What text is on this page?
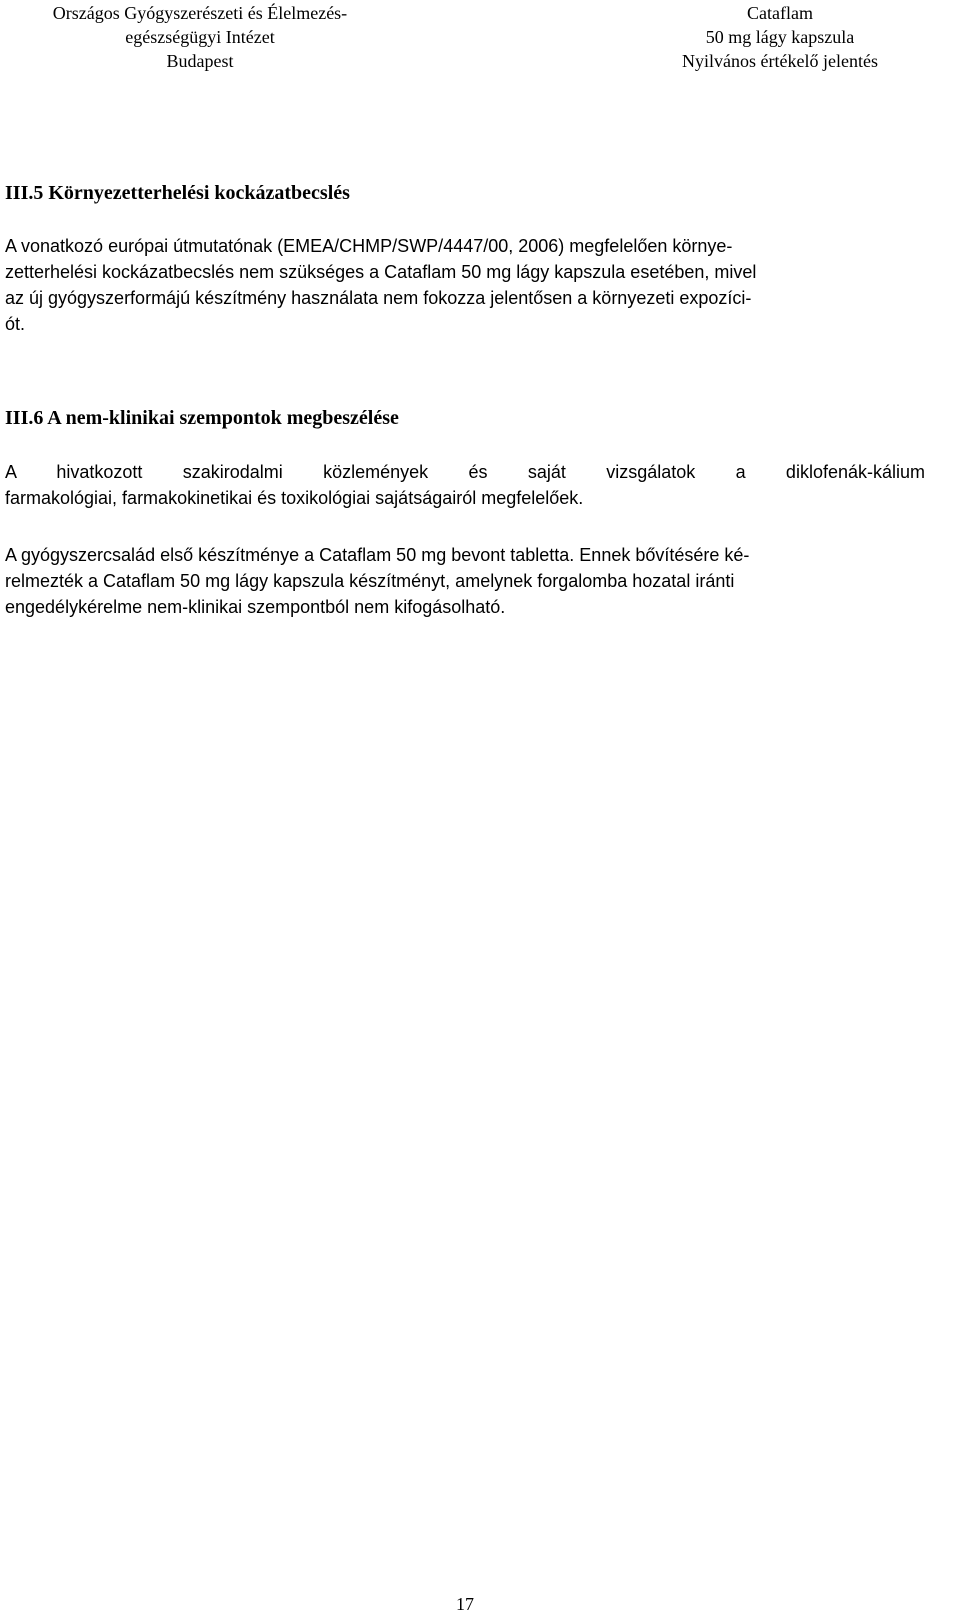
Országos Gyógyszerészeti és Élelmezés-
egészségügyi Intézet
Budapest
Cataflam
50 mg lágy kapszula
Nyilvános értékelő jelentés
III.5 Környezetterhelési kockázatbecslés
A vonatkozó európai útmutatónak (EMEA/CHMP/SWP/4447/00, 2006) megfelelően környe-
zetterhelési kockázatbecslés nem szükséges a Cataflam 50 mg lágy kapszula esetében, mivel
az új gyógyszerformájú készítmény használata nem fokozza jelentősen a környezeti expozíci-
ót.
III.6 A nem-klinikai szempontok megbeszélése
A hivatkozott szakirodalmi közlemények és saját vizsgálatok a diklofenák-kálium
farmakológiai, farmakokinetikai és toxikológiai sajátságairól megfelelőek.
A gyógyszercsalád első készítménye a Cataflam 50 mg bevont tabletta. Ennek bővítésére ké-
relmezték a Cataflam 50 mg lágy kapszula készítményt, amelynek forgalomba hozatal iránti
engedélykérelme nem-klinikai szempontból nem kifogásolható.
17
